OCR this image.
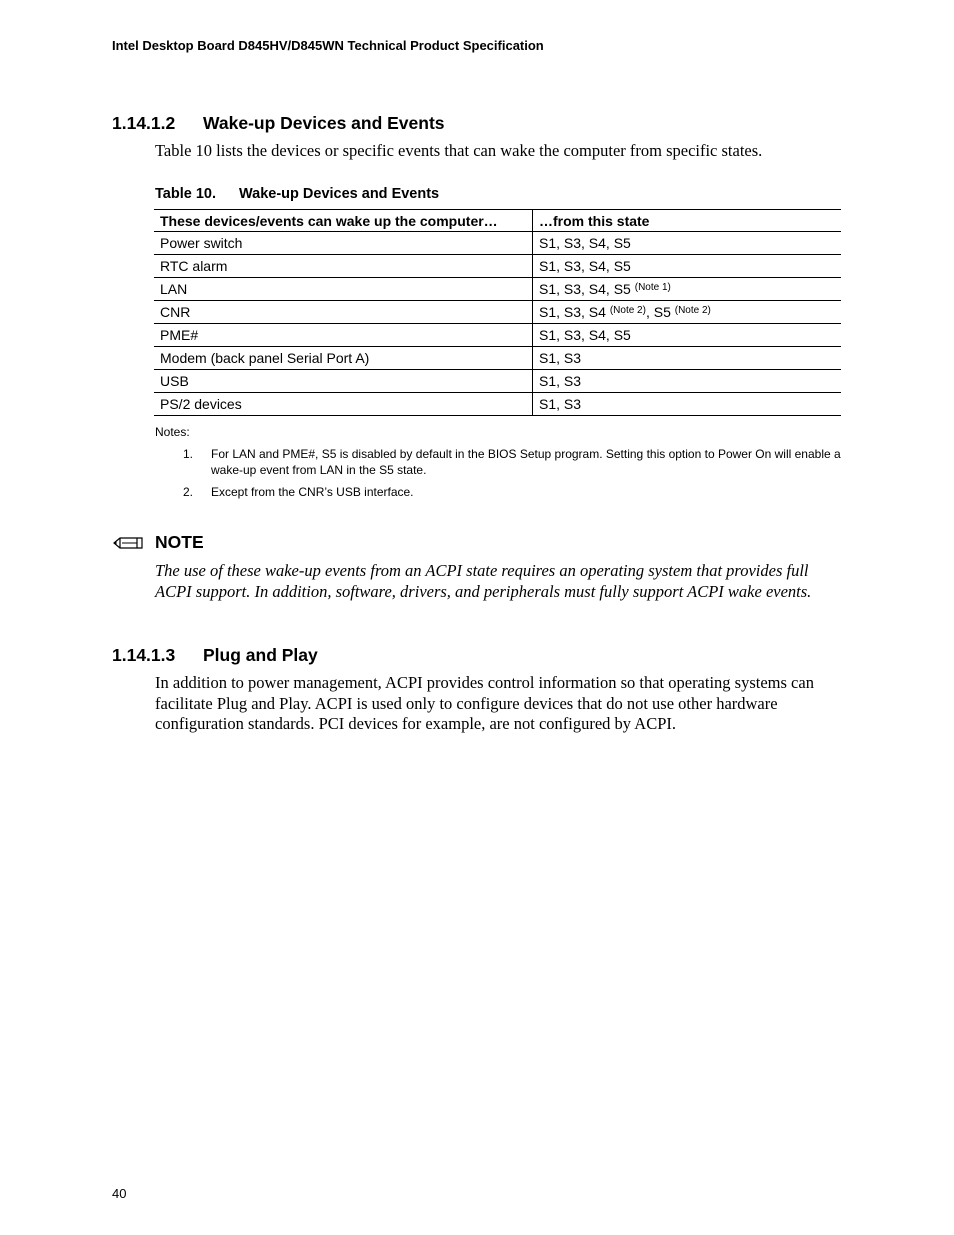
Intel Desktop Board D845HV/D845WN Technical Product Specification
1.14.1.2 Wake-up Devices and Events
Table 10 lists the devices or specific events that can wake the computer from specific states.
Table 10. Wake-up Devices and Events
These devices/events can wake up the computer…	…from this state
Power switch	S1, S3, S4, S5
RTC alarm	S1, S3, S4, S5
LAN	S1, S3, S4, S5 $^{(Note 1)}$
CNR	S1, S3, S4 $^{(Note 2)}$, S5 $^{(Note 2)}$
PME#	S1, S3, S4, S5
Modem (back panel Serial Port A)	S1, S3
USB	S1, S3
PS/2 devices	S1, S3
Notes:
1. For LAN and PME#, S5 is disabled by default in the BIOS Setup program. Setting this option to Power On will enable a wake-up event from LAN in the S5 state.
2. Except from the CNR’s USB interface.
NOTE
The use of these wake-up events from an ACPI state requires an operating system that provides full ACPI support. In addition, software, drivers, and peripherals must fully support ACPI wake events.
1.14.1.3 Plug and Play
In addition to power management, ACPI provides control information so that operating systems can facilitate Plug and Play. ACPI is used only to configure devices that do not use other hardware configuration standards. PCI devices for example, are not configured by ACPI.
40
